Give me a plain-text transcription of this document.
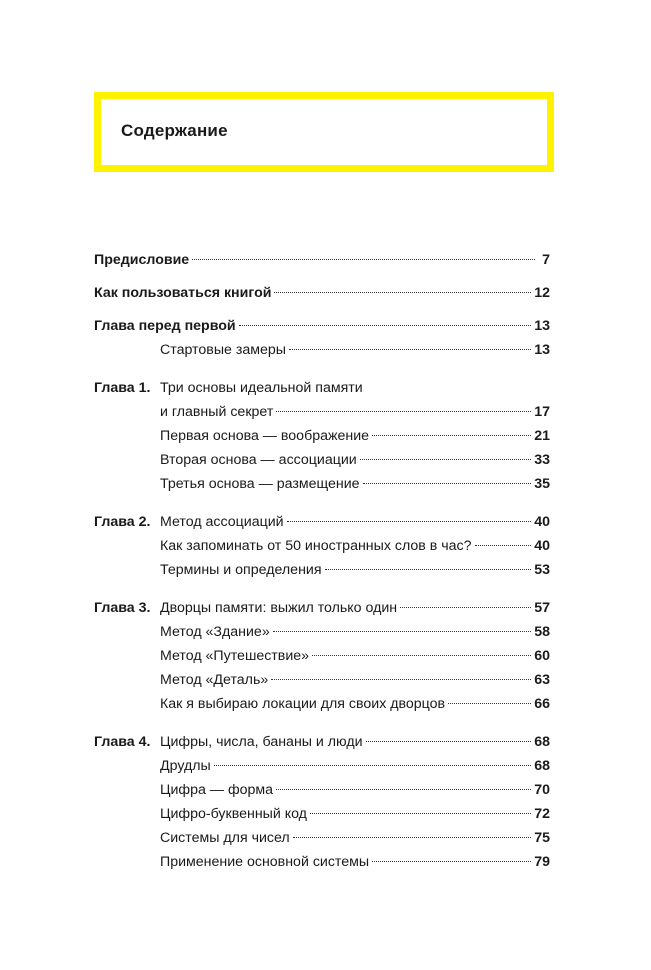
Содержание
Предисловие	7
Как пользоваться книгой	12
Глава перед первой	13
Стартовые замеры	13
Глава 1. Три основы идеальной памяти
и главный секрет	17
Первая основа — воображение	21
Вторая основа — ассоциации	33
Третья основа — размещение	35
Глава 2. Метод ассоциаций	40
Как запоминать от 50 иностранных слов в час?	40
Термины и определения	53
Глава 3. Дворцы памяти: выжил только один	57
Метод «Здание»	58
Метод «Путешествие»	60
Метод «Деталь»	63
Как я выбираю локации для своих дворцов	66
Глава 4. Цифры, числа, бананы и люди	68
Друдлы	68
Цифра — форма	70
Цифро-буквенный код	72
Системы для чисел	75
Применение основной системы	79
